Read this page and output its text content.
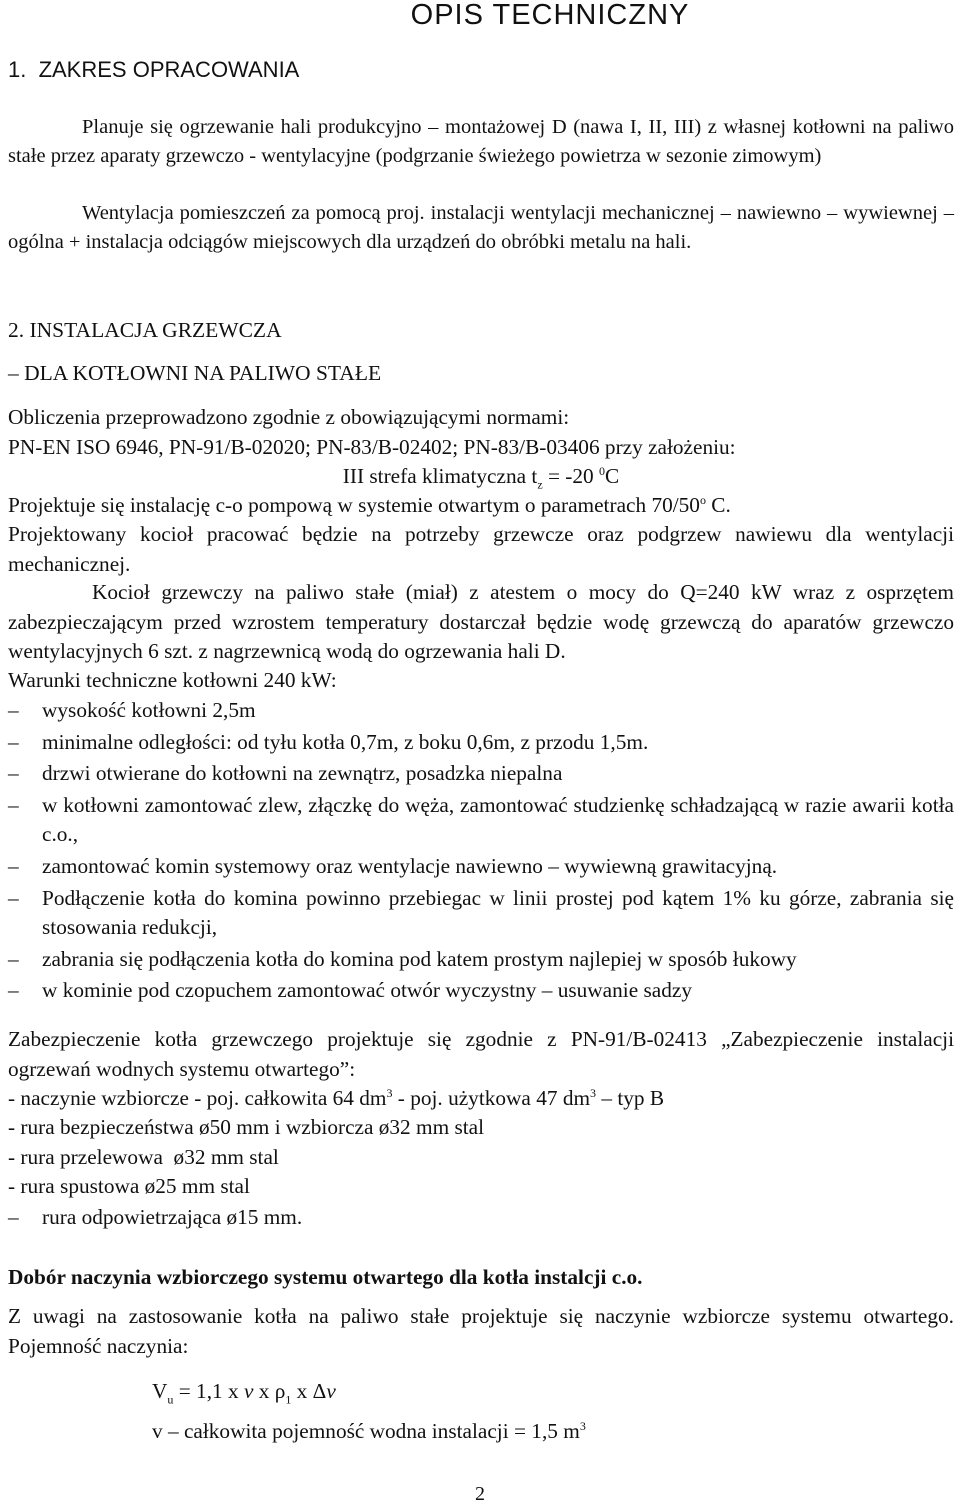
OPIS TECHNICZNY
1.  ZAKRES OPRACOWANIA
Planuje się ogrzewanie hali produkcyjno – montażowej D (nawa I, II, III) z własnej kotłowni na paliwo stałe przez aparaty grzewczo - wentylacyjne (podgrzanie świeżego powietrza w sezonie zimowym)
Wentylacja pomieszczeń za pomocą proj. instalacji wentylacji mechanicznej – nawiewno – wywiewnej – ogólna + instalacja odciągów miejscowych dla urządzeń do obróbki metalu na hali.
2. INSTALACJA GRZEWCZA
– DLA KOTŁOWNI NA PALIWO STAŁE
Obliczenia przeprowadzono zgodnie z obowiązującymi normami:
PN-EN ISO 6946, PN-91/B-02020; PN-83/B-02402; PN-83/B-03406 przy założeniu:
III strefa klimatyczna $t_z = -20$ $^0$C
Projektuje się instalację c-o pompową w systemie otwartym o parametrach 70/50$^o$ C.
Projektowany kocioł pracować będzie na potrzeby grzewcze oraz podgrzew nawiewu dla wentylacji mechanicznej.
Kocioł grzewczy na paliwo stałe (miał) z atestem o mocy do Q=240 kW wraz z osprzętem zabezpieczającym przed wzrostem temperatury dostarczał będzie wodę grzewczą do aparatów grzewczo wentylacyjnych 6 szt. z nagrzewnicą wodą do ogrzewania hali D.
Warunki techniczne kotłowni 240 kW:
–	wysokość kotłowni 2,5m
–	minimalne odległości: od tyłu kotła 0,7m, z boku 0,6m, z przodu 1,5m.
–	drzwi otwierane do kotłowni na zewnątrz, posadzka niepalna
–	w kotłowni zamontować zlew, złączkę do węża, zamontować studzienkę schładzającą w razie awarii kotła c.o.,
–	zamontować komin systemowy oraz wentylacje nawiewno – wywiewną grawitacyjną.
–	Podłączenie kotła do komina powinno przebiegac w linii prostej pod kątem 1% ku górze, zabrania się stosowania redukcji,
–	zabrania się podłączenia kotła do komina pod katem prostym najlepiej w sposób łukowy
–	w kominie pod czopuchem zamontować otwór wyczystny – usuwanie sadzy
Zabezpieczenie kotła grzewczego projektuje się zgodnie z PN-91/B-02413 „Zabezpieczenie instalacji ogrzewań wodnych systemu otwartego”:
- naczynie wzbiorcze - poj. całkowita 64 $dm^3$ - poj. użytkowa 47 $dm^3$ – typ B
- rura bezpieczeństwa ø50 mm i wzbiorcza ø32 mm stal
- rura przelewowa  ø32 mm stal
- rura spustowa ø25 mm stal
–	rura odpowietrzająca ø15 mm.
Dobór naczynia wzbiorczego systemu otwartego dla kotła instalcji c.o.
Z uwagi na zastosowanie kotła na paliwo stałe projektuje się naczynie wzbiorcze systemu otwartego. Pojemność naczynia:
$V_u = 1,1$ x v x $\rho_1$ x Δv
v – całkowita pojemność wodna instalacji = 1,5 $m^3$
2
